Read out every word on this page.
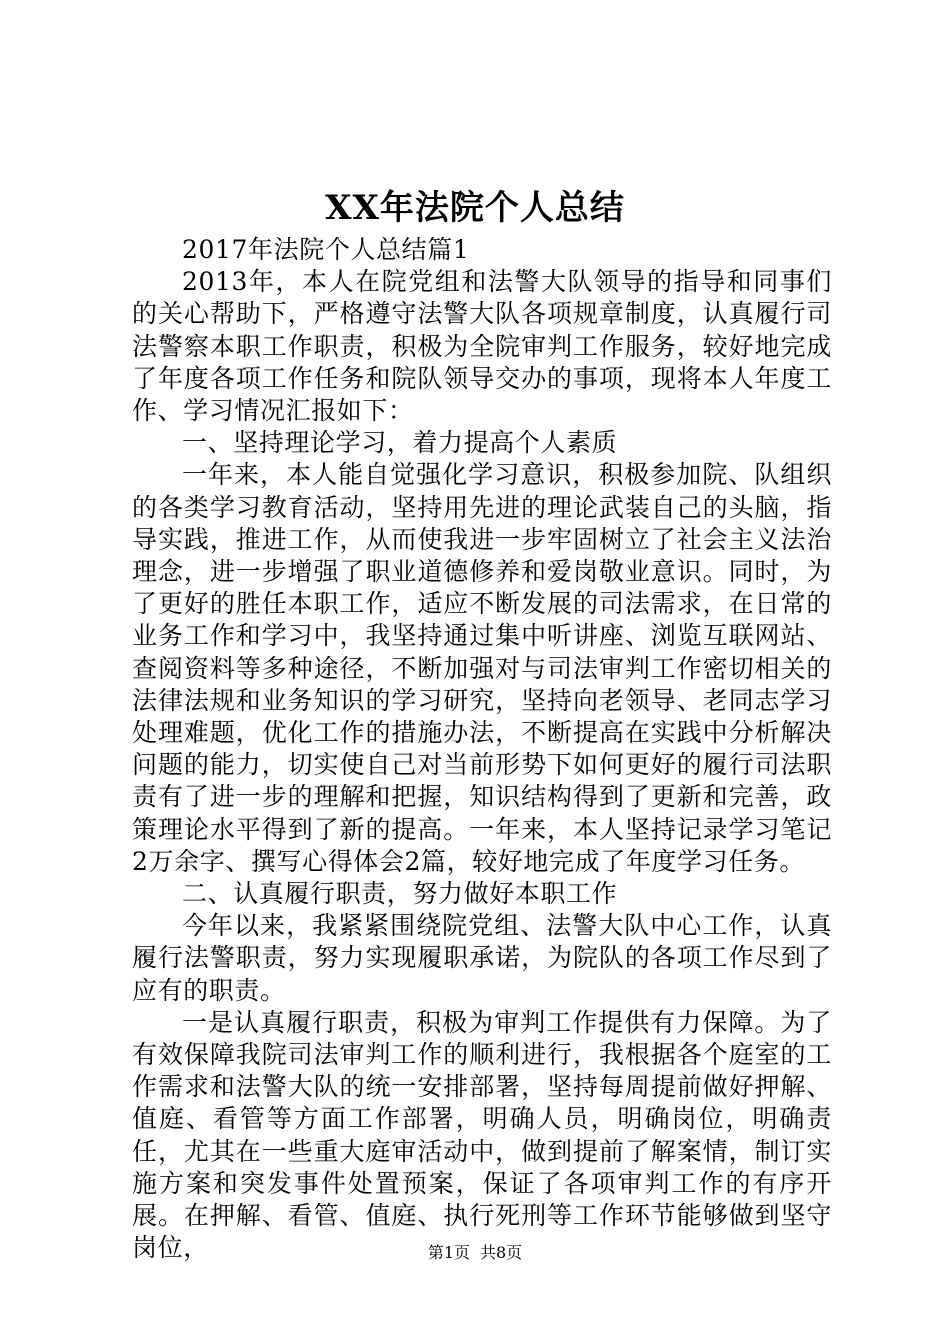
XX年法院个人总结

2017年法院个人总结篇1

2013年，本人在院党组和法警大队领导的指导和同事们的关心帮助下，严格遵守法警大队各项规章制度，认真履行司法警察本职工作职责，积极为全院审判工作服务，较好地完成了年度各项工作任务和院队领导交办的事项，现将本人年度工作、学习情况汇报如下：

一、坚持理论学习，着力提高个人素质

一年来，本人能自觉强化学习意识，积极参加院、队组织的各类学习教育活动，坚持用先进的理论武装自己的头脑，指导实践，推进工作，从而使我进一步牢固树立了社会主义法治理念，进一步增强了职业道德修养和爱岗敬业意识。同时，为了更好的胜任本职工作，适应不断发展的司法需求，在日常的业务工作和学习中，我坚持通过集中听讲座、浏览互联网站、查阅资料等多种途径，不断加强对与司法审判工作密切相关的法律法规和业务知识的学习研究，坚持向老领导、老同志学习处理难题，优化工作的措施办法，不断提高在实践中分析解决问题的能力，切实使自己对当前形势下如何更好的履行司法职责有了进一步的理解和把握，知识结构得到了更新和完善，政策理论水平得到了新的提高。一年来，本人坚持记录学习笔记2万余字、撰写心得体会2篇，较好地完成了年度学习任务。

二、认真履行职责，努力做好本职工作

今年以来，我紧紧围绕院党组、法警大队中心工作，认真履行法警职责，努力实现履职承诺，为院队的各项工作尽到了应有的职责。

一是认真履行职责，积极为审判工作提供有力保障。为了有效保障我院司法审判工作的顺利进行，我根据各个庭室的工作需求和法警大队的统一安排部署，坚持每周提前做好押解、值庭、看管等方面工作部署，明确人员，明确岗位，明确责任，尤其在一些重大庭审活动中，做到提前了解案情，制订实施方案和突发事件处置预案，保证了各项审判工作的有序开展。在押解、看管、值庭、执行死刑等工作环节能够做到坚守岗位，	第1页 共8页
